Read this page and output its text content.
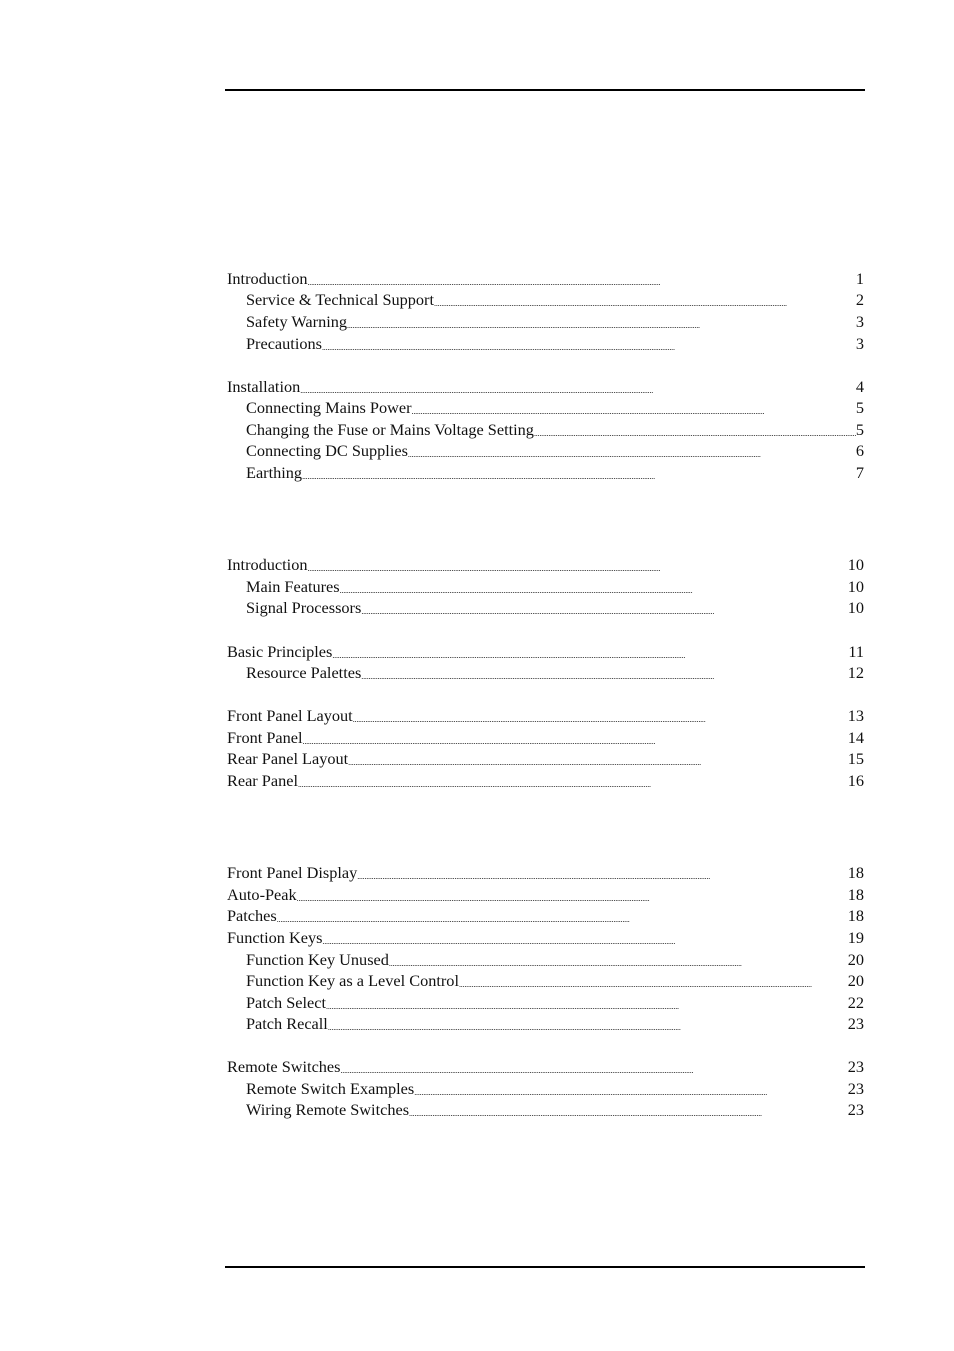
Introduction . . .	1
Service & Technical Support . . .	2
Safety Warning . . .	3
Precautions . . .	3
Installation . . .	4
Connecting Mains Power . . .	5
Changing the Fuse or Mains Voltage Setting . . .	5
Connecting DC Supplies . . .	6
Earthing . . .	7
Introduction . . .	10
Main Features . . .	10
Signal Processors . . .	10
Basic Principles . . .	11
Resource Palettes . . .	12
Front Panel Layout . . .	13
Front Panel . . .	14
Rear Panel Layout . . .	15
Rear Panel . . .	16
Front Panel Display . . .	18
Auto-Peak . . .	18
Patches . . .	18
Function Keys . . .	19
Function Key Unused . . .	20
Function Key as a Level Control . . .	20
Patch Select . . .	22
Patch Recall . . .	23
Remote Switches . . .	23
Remote Switch Examples . . .	23
Wiring Remote Switches . . .	23
